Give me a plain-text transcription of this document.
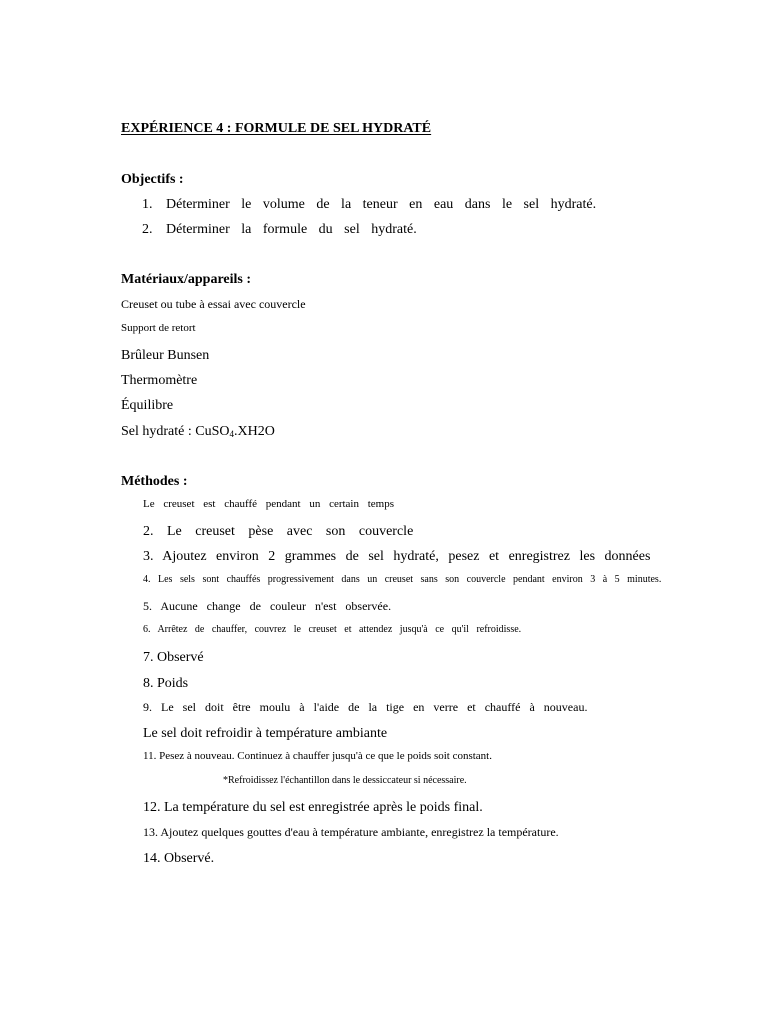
EXPÉRIENCE 4 : FORMULE DE SEL HYDRATÉ
Objectifs :
1. Déterminer le volume de la teneur en eau dans le sel hydraté.
2. Déterminer la formule du sel hydraté.
Matériaux/appareils :
Creuset ou tube à essai avec couvercle
Support de retort
Brûleur Bunsen
Thermomètre
Équilibre
Sel hydraté : CuSO$_4$.XH2O
Méthodes :
Le creuset est chauffé pendant un certain temps
2. Le creuset pèse avec son couvercle
3. Ajoutez environ 2 grammes de sel hydraté, pesez et enregistrez les données
4. Les sels sont chauffés progressivement dans un creuset sans son couvercle pendant environ 3 à 5 minutes.
5. Aucune change de couleur n'est observée.
6. Arrêtez de chauffer, couvrez le creuset et attendez jusqu'à ce qu'il refroidisse.
7. Observé
8. Poids
9. Le sel doit être moulu à l'aide de la tige en verre et chauffé à nouveau.
Le sel doit refroidir à température ambiante
11. Pesez à nouveau. Continuez à chauffer jusqu'à ce que le poids soit constant.
*Refroidissez l'échantillon dans le dessiccateur si nécessaire.
12. La température du sel est enregistrée après le poids final.
13. Ajoutez quelques gouttes d'eau à température ambiante, enregistrez la température.
14. Observé.
